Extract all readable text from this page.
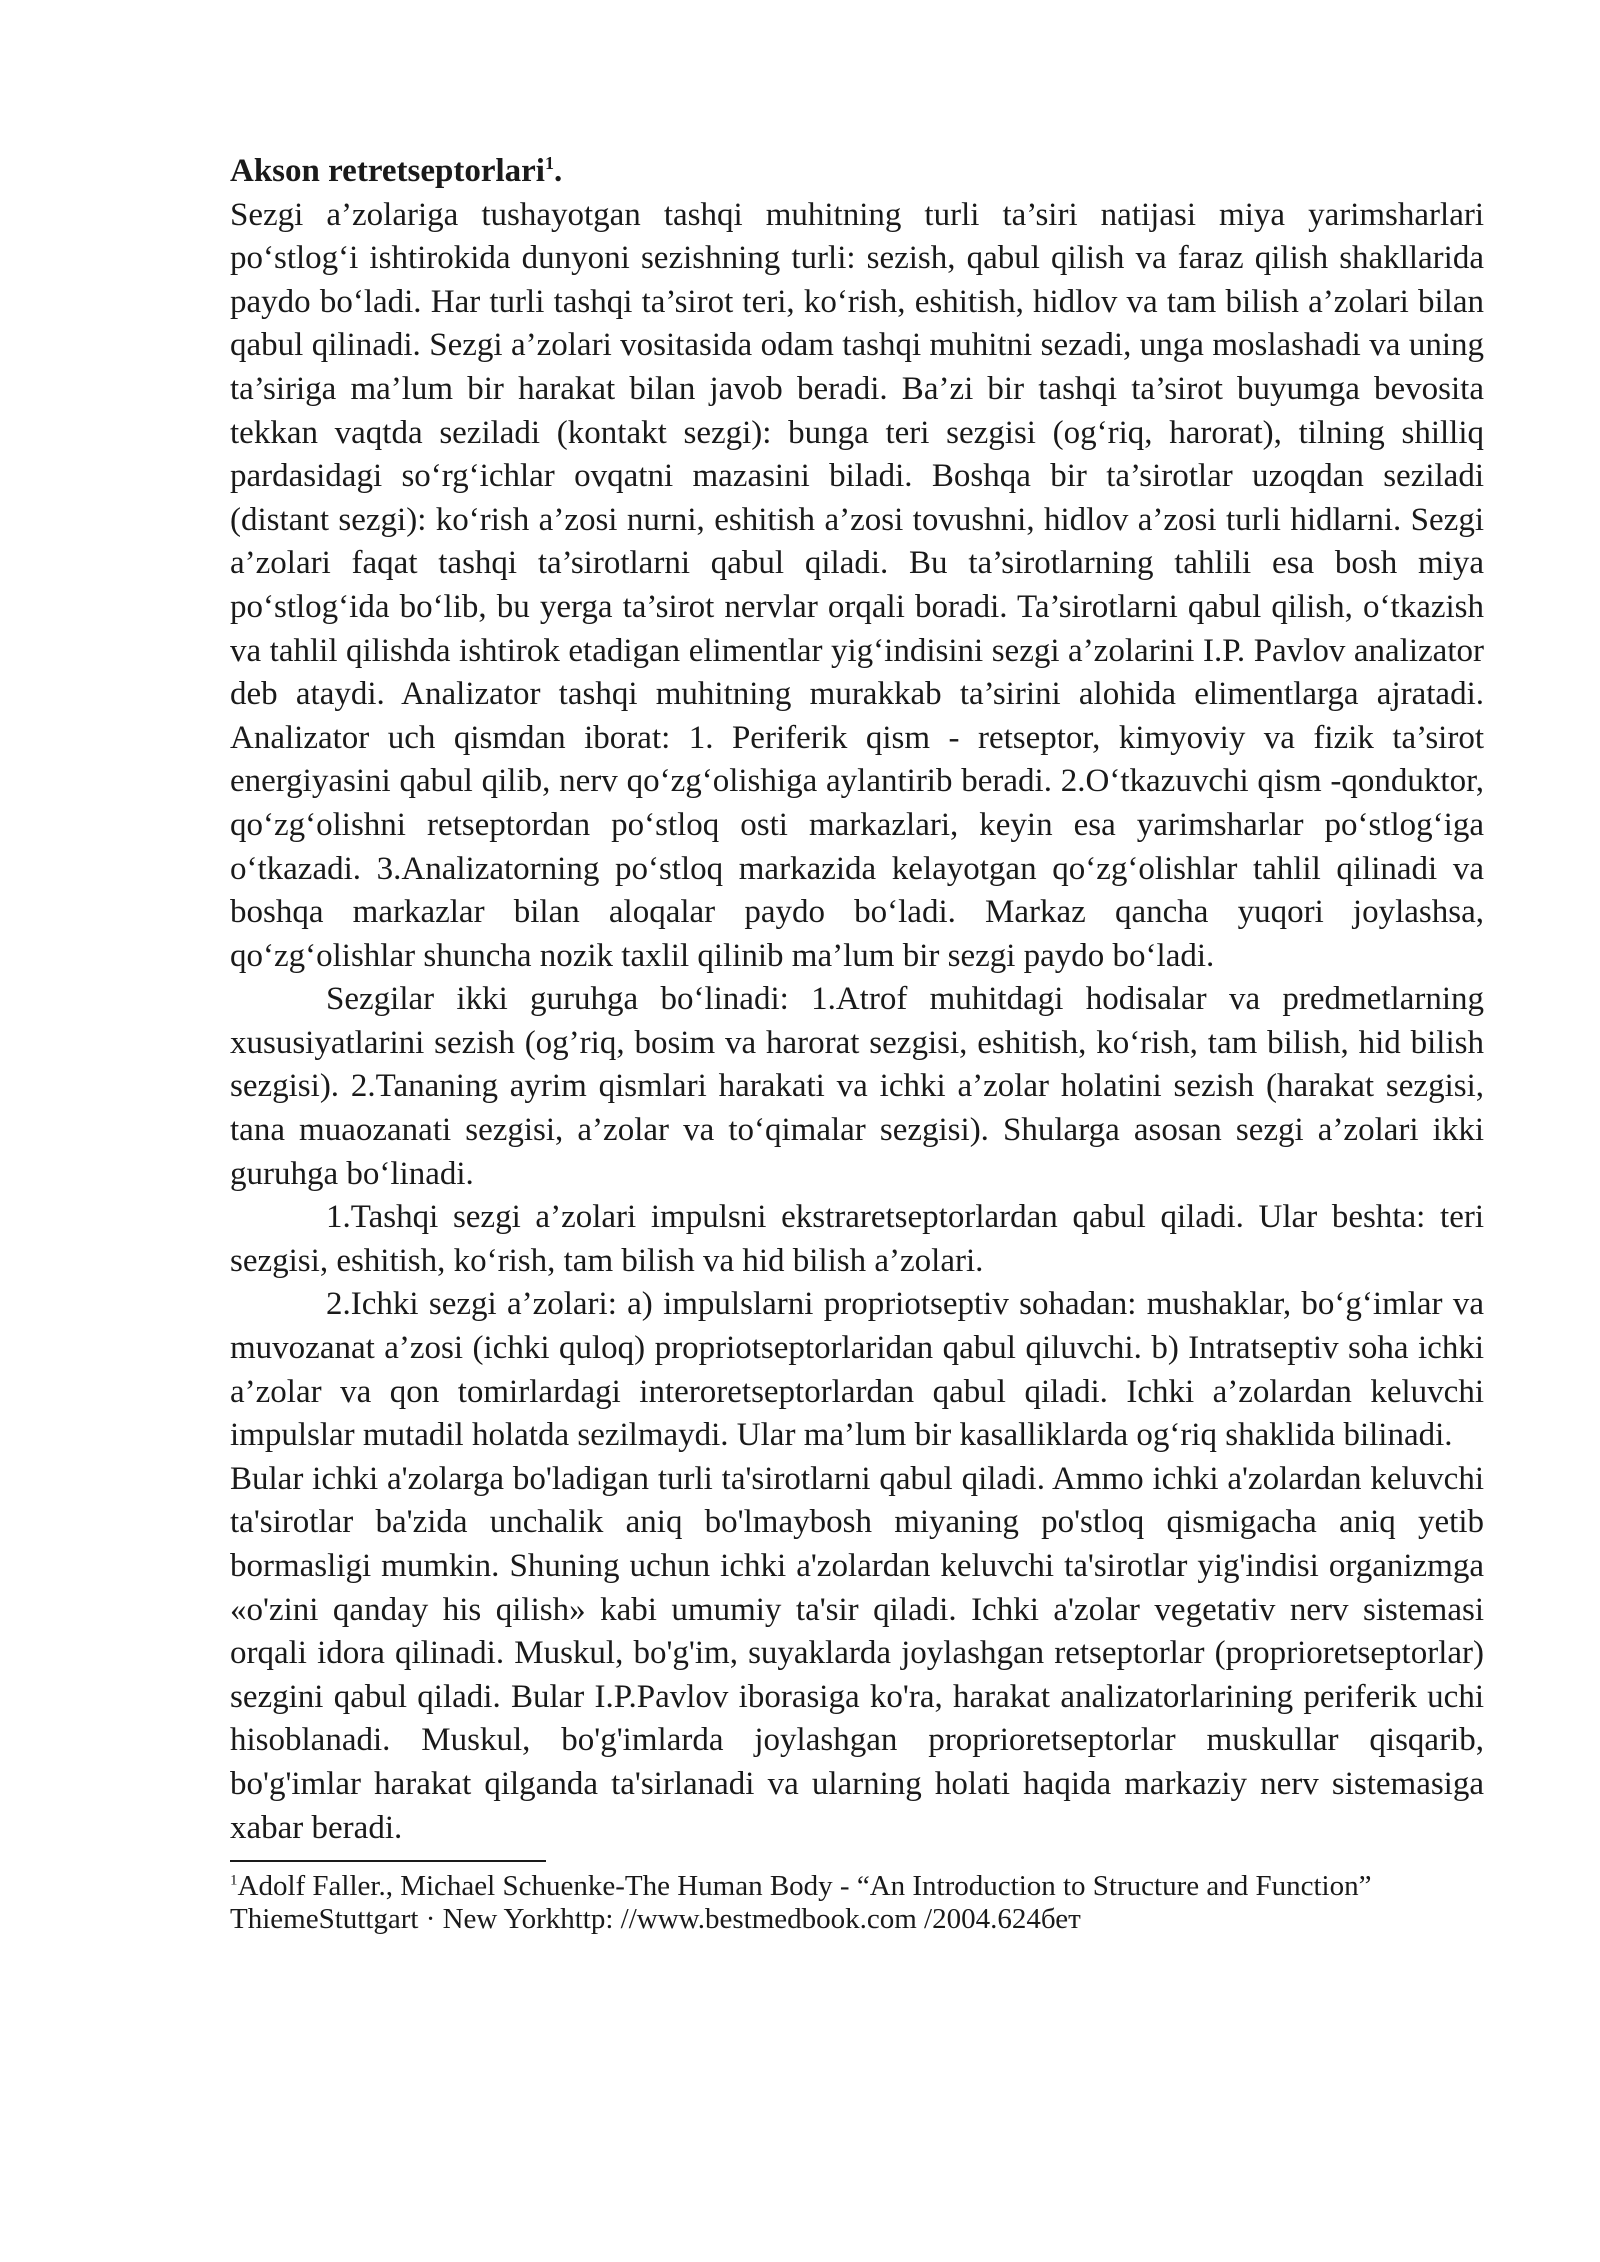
Akson retretseptorlari$^1$.

Sezgi a’zolariga tushayotgan tashqi muhitning turli ta’siri natijasi miya yarimsharlari po‘stlog‘i ishtirokida dunyoni sezishning turli: sezish, qabul qilish va faraz qilish shakllarida paydo bo‘ladi. Har turli tashqi ta’sirot teri, ko‘rish, eshitish, hidlov va tam bilish a’zolari bilan qabul qilinadi. Sezgi a’zolari vositasida odam tashqi muhitni sezadi, unga moslashadi va uning ta’siriga ma’lum bir harakat bilan javob beradi. Ba’zi bir tashqi ta’sirot buyumga bevosita tekkan vaqtda seziladi (kontakt sezgi): bunga teri sezgisi (og‘riq, harorat), tilning shilliq pardasidagi so‘rg‘ichlar ovqatni mazasini biladi. Boshqa bir ta’sirotlar uzoqdan seziladi (distant sezgi): ko‘rish a’zosi nurni, eshitish a’zosi tovushni, hidlov a’zosi turli hidlarni. Sezgi a’zolari faqat tashqi ta’sirotlarni qabul qiladi. Bu ta’sirotlarning tahlili esa bosh miya po‘stlog‘ida bo‘lib, bu yerga ta’sirot nervlar orqali boradi. Ta’sirotlarni qabul qilish, o‘tkazish va tahlil qilishda ishtirok etadigan elimentlar yig‘indisini sezgi a’zolarini I.P. Pavlov analizator deb ataydi. Analizator tashqi muhitning murakkab ta’sirini alohida elimentlarga ajratadi. Analizator uch qismdan iborat: 1. Periferik qism - retseptor, kimyoviy va fizik ta’sirot energiyasini qabul qilib, nerv qo‘zg‘olishiga aylantirib beradi. 2.O‘tkazuvchi qism -qonduktor, qo‘zg‘olishni retseptordan po‘stloq osti markazlari, keyin esa yarimsharlar po‘stlog‘iga o‘tkazadi. 3.Analizatorning po‘stloq markazida kelayotgan qo‘zg‘olishlar tahlil qilinadi va boshqa markazlar bilan aloqalar paydo bo‘ladi. Markaz qancha yuqori joylashsa, qo‘zg‘olishlar shuncha nozik taxlil qilinib ma’lum bir sezgi paydo bo‘ladi.

Sezgilar ikki guruhga bo‘linadi: 1.Atrof muhitdagi hodisalar va predmetlarning xususiyatlarini sezish (og’riq, bosim va harorat sezgisi, eshitish, ko‘rish, tam bilish, hid bilish sezgisi). 2.Tananing ayrim qismlari harakati va ichki a’zolar holatini sezish (harakat sezgisi, tana muaozanati sezgisi, a’zolar va to‘qimalar sezgisi). Shularga asosan sezgi a’zolari ikki guruhga bo‘linadi.

1.Tashqi sezgi a’zolari impulsni ekstraretseptorlardan qabul qiladi. Ular beshta: teri sezgisi, eshitish, ko‘rish, tam bilish va hid bilish a’zolari.

2.Ichki sezgi a’zolari: a) impulslarni propriotseptiv sohadan: mushaklar, bo‘g‘imlar va muvozanat a’zosi (ichki quloq) propriotseptorlaridan qabul qiluvchi. b) Intratseptiv soha ichki a’zolar va qon tomirlardagi interoretseptorlardan qabul qiladi. Ichki a’zolardan keluvchi impulslar mutadil holatda sezilmaydi. Ular ma’lum bir kasalliklarda og‘riq shaklida bilinadi.

Bular ichki a'zolarga bo'ladigan turli ta'sirotlarni qabul qiladi. Ammo ichki a'zolardan keluvchi ta'sirotlar ba'zida unchalik aniq bo'lmaybosh miyaning po'stloq qismigacha aniq yetib bormasligi mumkin. Shuning uchun ichki a'zolardan keluvchi ta'sirotlar yig'indisi organizmga «o'zini qanday his qilish» kabi umumiy ta'sir qiladi. Ichki a'zolar vegetativ nerv sistemasi orqali idora qilinadi. Muskul, bo'g'im, suyaklarda joylashgan retseptorlar (proprioretseptorlar) sezgini qabul qiladi. Bular I.P.Pavlov iborasiga ko'ra, harakat analizatorlarining periferik uchi hisoblanadi. Muskul, bo'g'imlarda joylashgan proprioretseptorlar muskullar qisqarib, bo'g'imlar harakat qilganda ta'sirlanadi va ularning holati haqida markaziy nerv sistemasiga xabar beradi.

$^1$Adolf Faller., Michael Schuenke-The Human Body - “An Introduction to Structure and Function” ThiemeStuttgart · New Yorkhttp: //www.bestmedbook.com /2004.624бет
